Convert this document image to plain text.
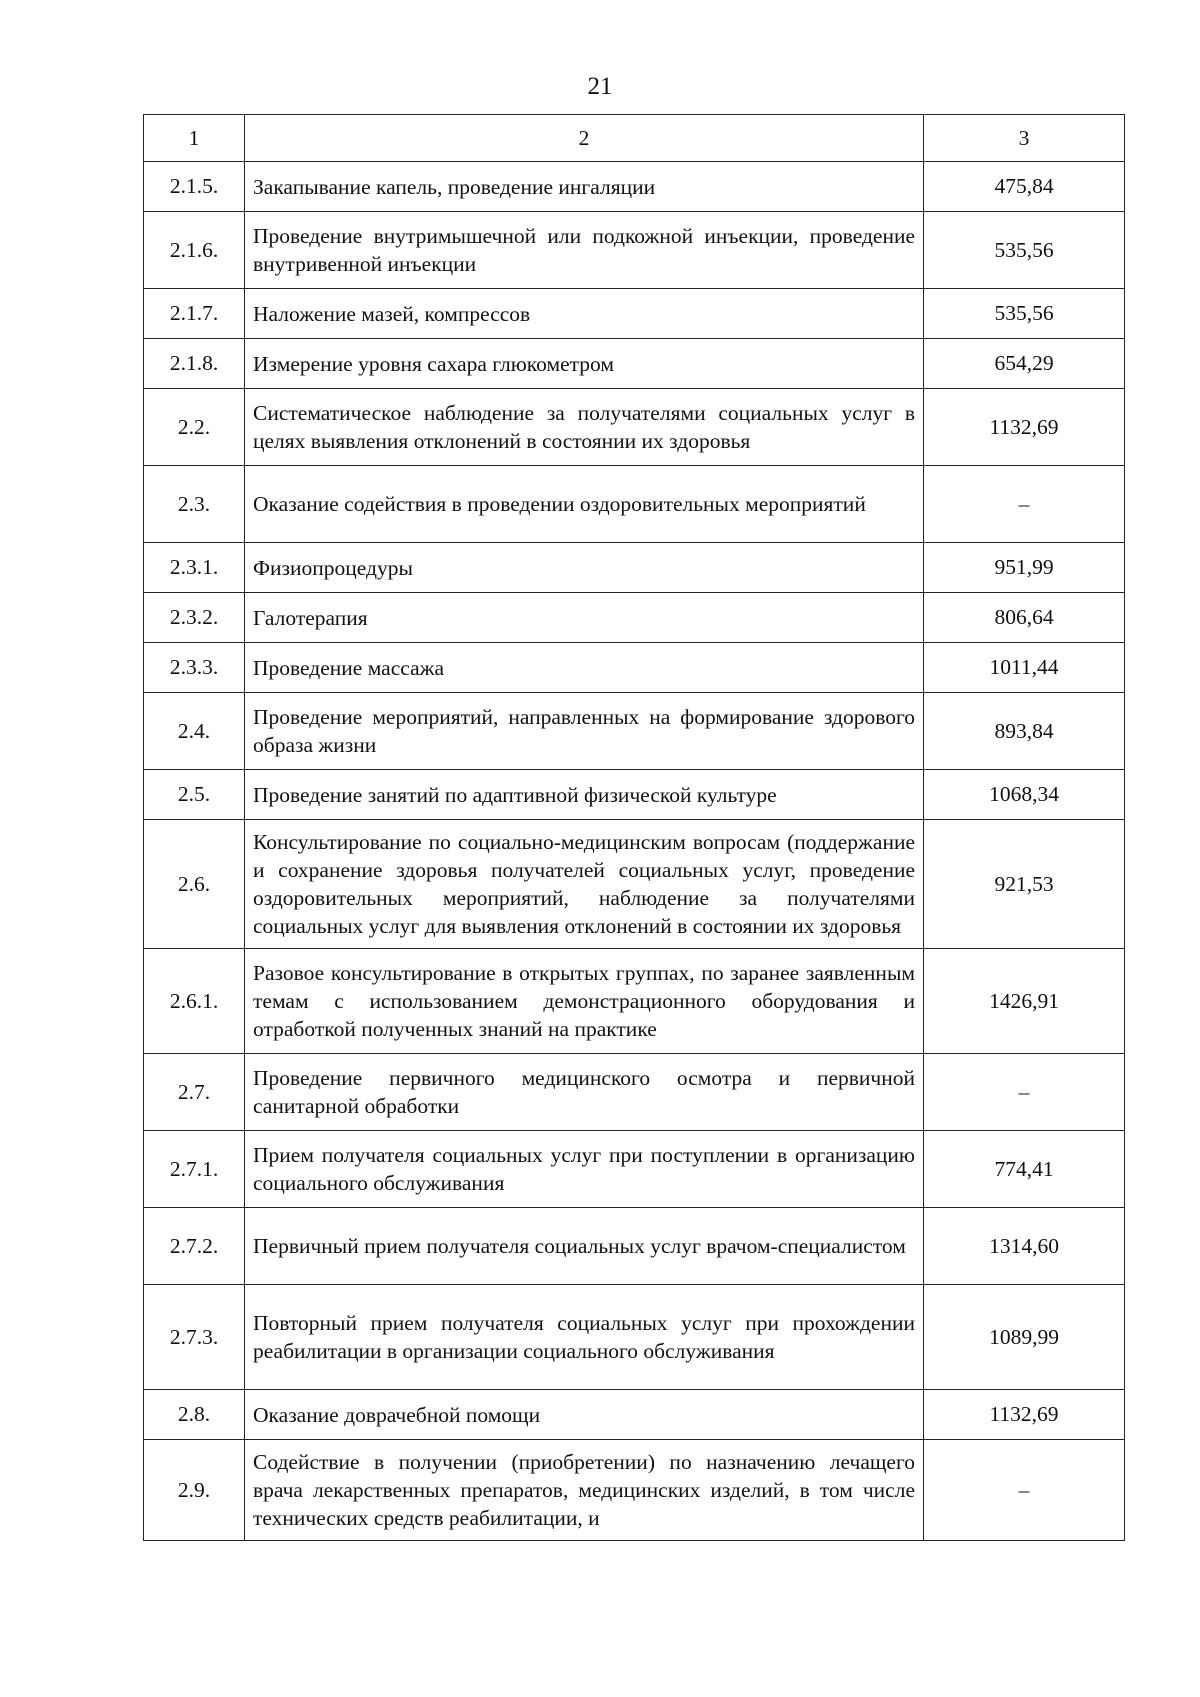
21
1	2	3
2.1.5.	Закапывание капель, проведение ингаляции	475,84
2.1.6.	Проведение внутримышечной или подкожной инъекции, проведение внутривенной инъекции	535,56
2.1.7.	Наложение мазей, компрессов	535,56
2.1.8.	Измерение уровня сахара глюкометром	654,29
2.2.	Систематическое наблюдение за получателями социальных услуг в целях выявления отклонений в состоянии их здоровья	1132,69
2.3.	Оказание содействия в проведении оздоровительных мероприятий	–
2.3.1.	Физиопроцедуры	951,99
2.3.2.	Галотерапия	806,64
2.3.3.	Проведение массажа	1011,44
2.4.	Проведение мероприятий, направленных на формирование здорового образа жизни	893,84
2.5.	Проведение занятий по адаптивной физической культуре	1068,34
2.6.	Консультирование по социально-медицинским вопросам (поддержание и сохранение здоровья получателей социальных услуг, проведение оздоровительных мероприятий, наблюдение за получателями социальных услуг для выявления отклонений в состоянии их здоровья	921,53
2.6.1.	Разовое консультирование в открытых группах, по заранее заявленным темам с использованием демонстрационного оборудования и отработкой полученных знаний на практике	1426,91
2.7.	Проведение первичного медицинского осмотра и первичной санитарной обработки	–
2.7.1.	Прием получателя социальных услуг при поступлении в организацию социального обслуживания	774,41
2.7.2.	Первичный прием получателя социальных услуг врачом-специалистом	1314,60
2.7.3.	Повторный прием получателя социальных услуг при прохождении реабилитации в организации социального обслуживания	1089,99
2.8.	Оказание доврачебной помощи	1132,69
2.9.	Содействие в получении (приобретении) по назначению лечащего врача лекарственных препаратов, медицинских изделий, в том числе технических средств реабилитации, и	–
